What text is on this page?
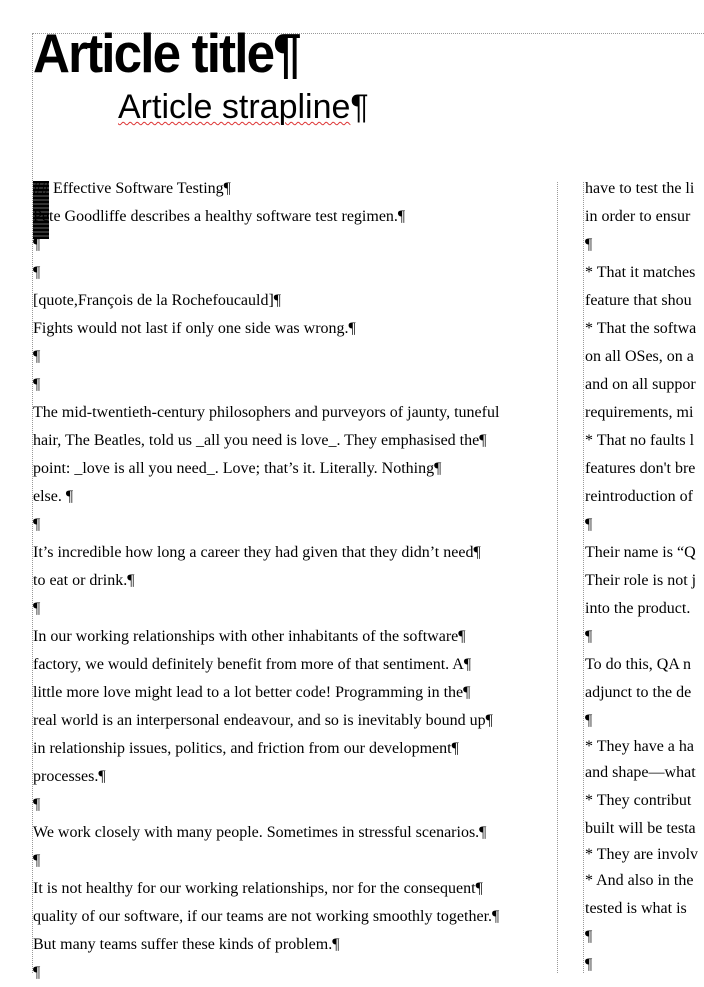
Article title¶
Article strapline¶
## Effective Software Testing¶
Pete Goodliffe describes a healthy software test regimen.¶
¶
¶
[quote,François de la Rochefoucauld]¶
Fights would not last if only one side was wrong.¶
¶
¶
The mid-twentieth-century philosophers and purveyors of jaunty, tuneful
hair, The Beatles, told us _all you need is love_. They emphasised the¶
point: _love is all you need_. Love; that’s it. Literally. Nothing¶
else. ¶
¶
It’s incredible how long a career they had given that they didn’t need¶
to eat or drink.¶
¶
In our working relationships with other inhabitants of the software¶
factory, we would definitely benefit from more of that sentiment. A¶
little more love might lead to a lot better code! Programming in the¶
real world is an interpersonal endeavour, and so is inevitably bound up¶
in relationship issues, politics, and friction from our development¶
processes.¶
¶
We work closely with many people. Sometimes in stressful scenarios.¶
¶
It is not healthy for our working relationships, nor for the consequent¶
quality of our software, if our teams are not working smoothly together.¶
But many teams suffer these kinds of problem.¶
¶
have to test the li
in order to ensur
¶
* That it matches
feature that shou
* That the softwa
on all OSes, on a
and on all suppor
requirements, mi
* That no faults l
features don't bre
reintroduction of
¶
Their name is “Q
Their role is not j
into the product.
¶
To do this, QA n
adjunct to the de
¶
* They have a ha
and shape—what
* They contribut
built will be testa
* They are involv
* And also in the
tested is what is
¶
¶
